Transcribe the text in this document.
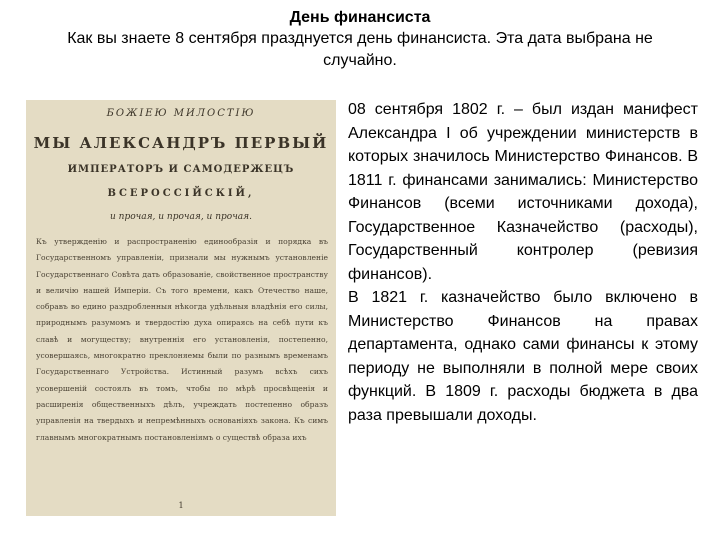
День финансиста
Как вы знаете 8 сентября празднуется день финансиста. Эта дата выбрана не случайно.
БОЖІЕЮ МИЛОСТІЮ
МЫ АЛЕКСАНДРЪ ПЕРВЫЙ
ИМПЕРАТОРЪ И САМОДЕРЖЕЦЪ
ВСЕРОССІЙСКІЙ,
и прочая, и прочая, и прочая.
Къ утвержденію и распространенію единообразія и порядка въ Государственномъ управленіи, признали мы нужнымъ установленіе Государственнаго Совѣта дать образованіе, свойственное пространству и величію нашей Имперіи. Съ того времени, какъ Отечество наше, собравъ во едино раздробленныя нѣкогда удѣльныя владѣнія его силы, природнымъ разумомъ и твердостію духа опираясь на себѣ пути къ славѣ и могуществу; внутреннія его установленія, постепенно, усовершаясь, многократно преклоняемы были по разнымъ временамъ Государственнаго Устройства. Истинный разумъ всѣхъ сихъ усовершеній состоялъ въ томъ, чтобы по мѣрѣ просвѣщенія и расширенія общественныхъ дѣлъ, учреждать постепенно образъ управленія на твердыхъ и непремѣнныхъ основаніяхъ закона. Къ симъ главнымъ многократнымъ постановленіямъ о существѣ образа ихъ
1

08 сентября 1802 г. – был издан манифест Александра I об учреждении министерств в которых значилось Министерство Финансов. В 1811 г. финансами занимались: Министерство Финансов (всеми источниками дохода), Государственное Казначейство (расходы), Государственный контролер (ревизия финансов).

В 1821 г. казначейство было включено в Министерство Финансов на правах департамента, однако сами финансы к этому периоду не выполняли в полной мере своих функций. В 1809 г. расходы бюджета в два раза превышали доходы.
